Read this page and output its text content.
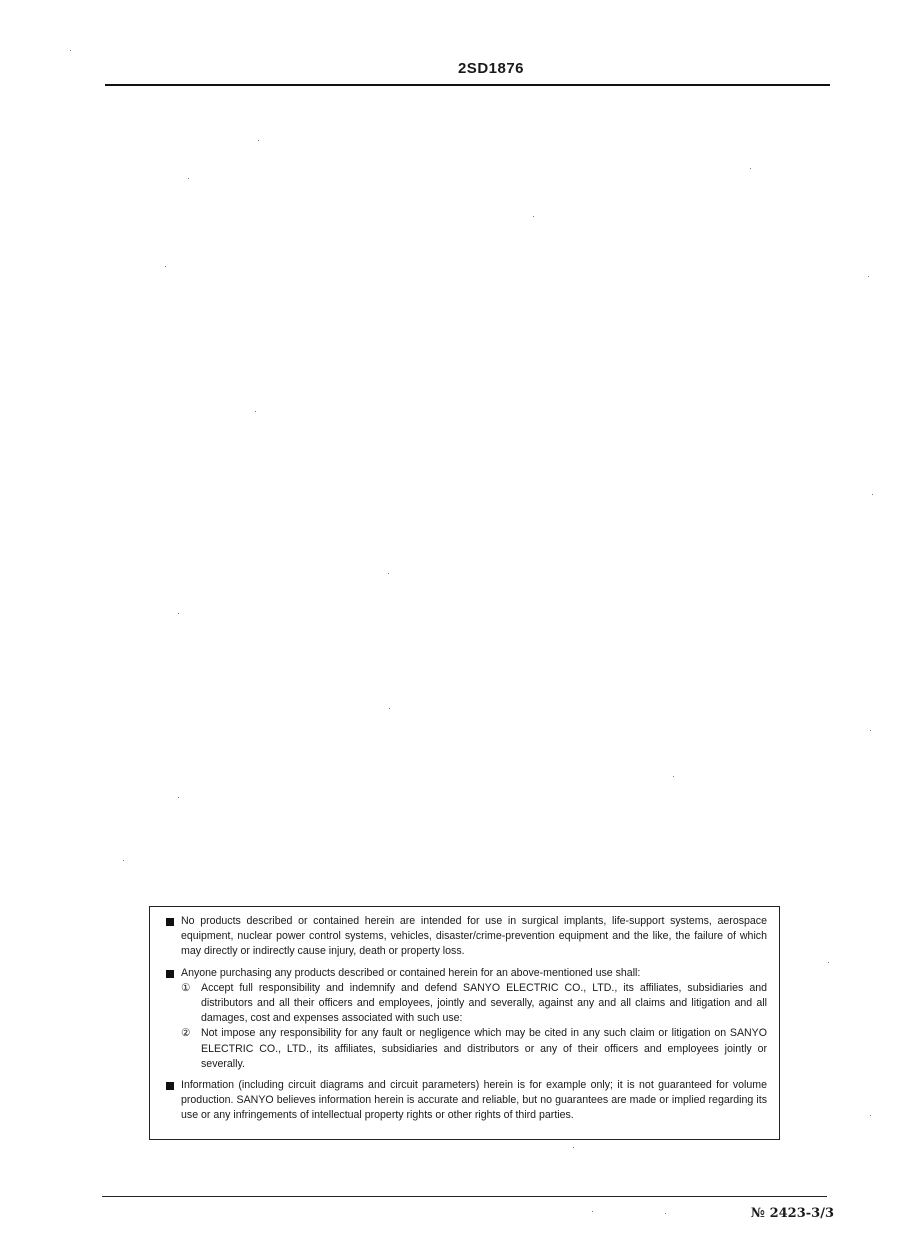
2SD1876
No products described or contained herein are intended for use in surgical implants, life-support systems, aerospace equipment, nuclear power control systems, vehicles, disaster/crime-prevention equipment and the like, the failure of which may directly or indirectly cause injury, death or property loss.
Anyone purchasing any products described or contained herein for an above-mentioned use shall:
① Accept full responsibility and indemnify and defend SANYO ELECTRIC CO., LTD., its affiliates, subsidiaries and distributors and all their officers and employees, jointly and severally, against any and all claims and litigation and all damages, cost and expenses associated with such use:
② Not impose any responsibility for any fault or negligence which may be cited in any such claim or litigation on SANYO ELECTRIC CO., LTD., its affiliates, subsidiaries and distributors or any of their officers and employees jointly or severally.
Information (including circuit diagrams and circuit parameters) herein is for example only; it is not guaranteed for volume production. SANYO believes information herein is accurate and reliable, but no guarantees are made or implied regarding its use or any infringements of intellectual property rights or other rights of third parties.
№ 2423-3/3
